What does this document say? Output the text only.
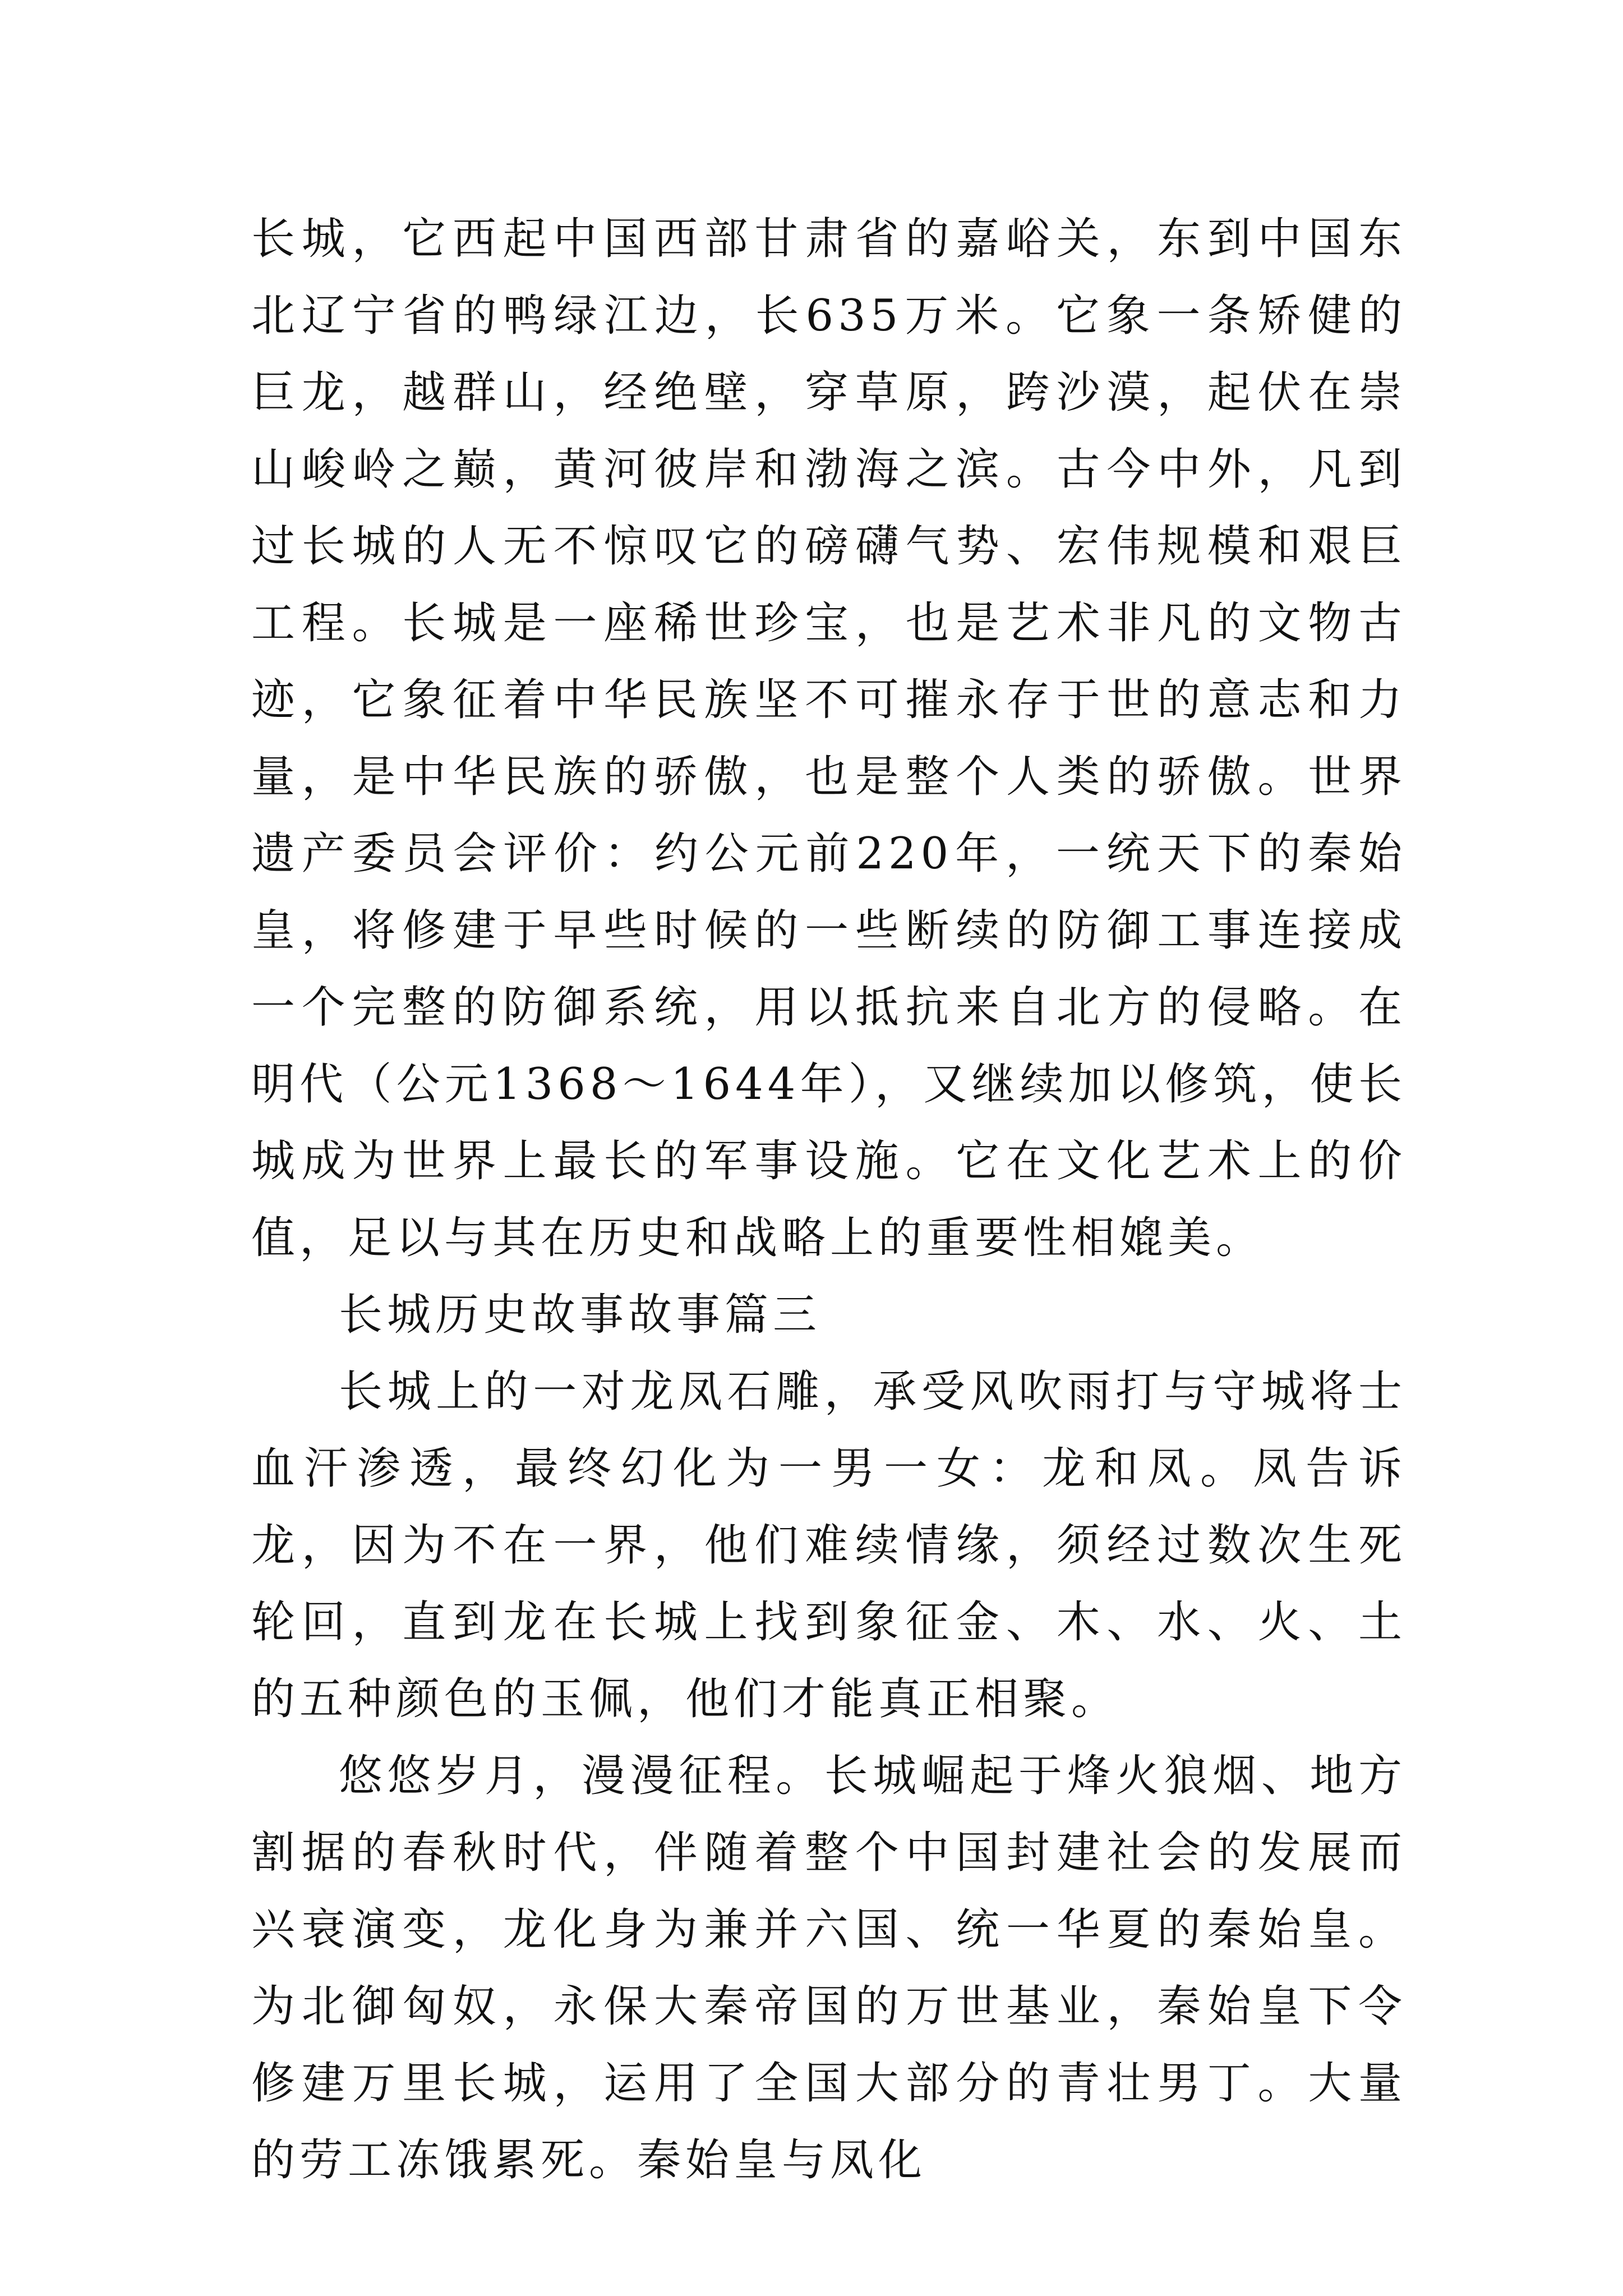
长城，它西起中国西部甘肃省的嘉峪关，东到中国东北辽宁省的鸭绿江边，长635万米。它象一条矫健的巨龙，越群山，经绝壁，穿草原，跨沙漠，起伏在崇山峻岭之巅，黄河彼岸和渤海之滨。古今中外，凡到过长城的人无不惊叹它的磅礴气势、宏伟规模和艰巨工程。长城是一座稀世珍宝，也是艺术非凡的文物古迹，它象征着中华民族坚不可摧永存于世的意志和力量，是中华民族的骄傲，也是整个人类的骄傲。世界遗产委员会评价：约公元前220年，一统天下的秦始皇，将修建于早些时候的一些断续的防御工事连接成一个完整的防御系统，用以抵抗来自北方的侵略。在明代（公元1368～1644年），又继续加以修筑，使长城成为世界上最长的军事设施。它在文化艺术上的价值，足以与其在历史和战略上的重要性相媲美。

长城历史故事故事篇三

长城上的一对龙凤石雕，承受风吹雨打与守城将士血汗渗透，最终幻化为一男一女：龙和凤。凤告诉龙，因为不在一界，他们难续情缘，须经过数次生死轮回，直到龙在长城上找到象征金、木、水、火、土的五种颜色的玉佩，他们才能真正相聚。

悠悠岁月，漫漫征程。长城崛起于烽火狼烟、地方割据的春秋时代，伴随着整个中国封建社会的发展而兴衰演变，龙化身为兼并六国、统一华夏的秦始皇。为北御匈奴，永保大秦帝国的万世基业，秦始皇下令修建万里长城，运用了全国大部分的青壮男丁。大量的劳工冻饿累死。秦始皇与凤化
